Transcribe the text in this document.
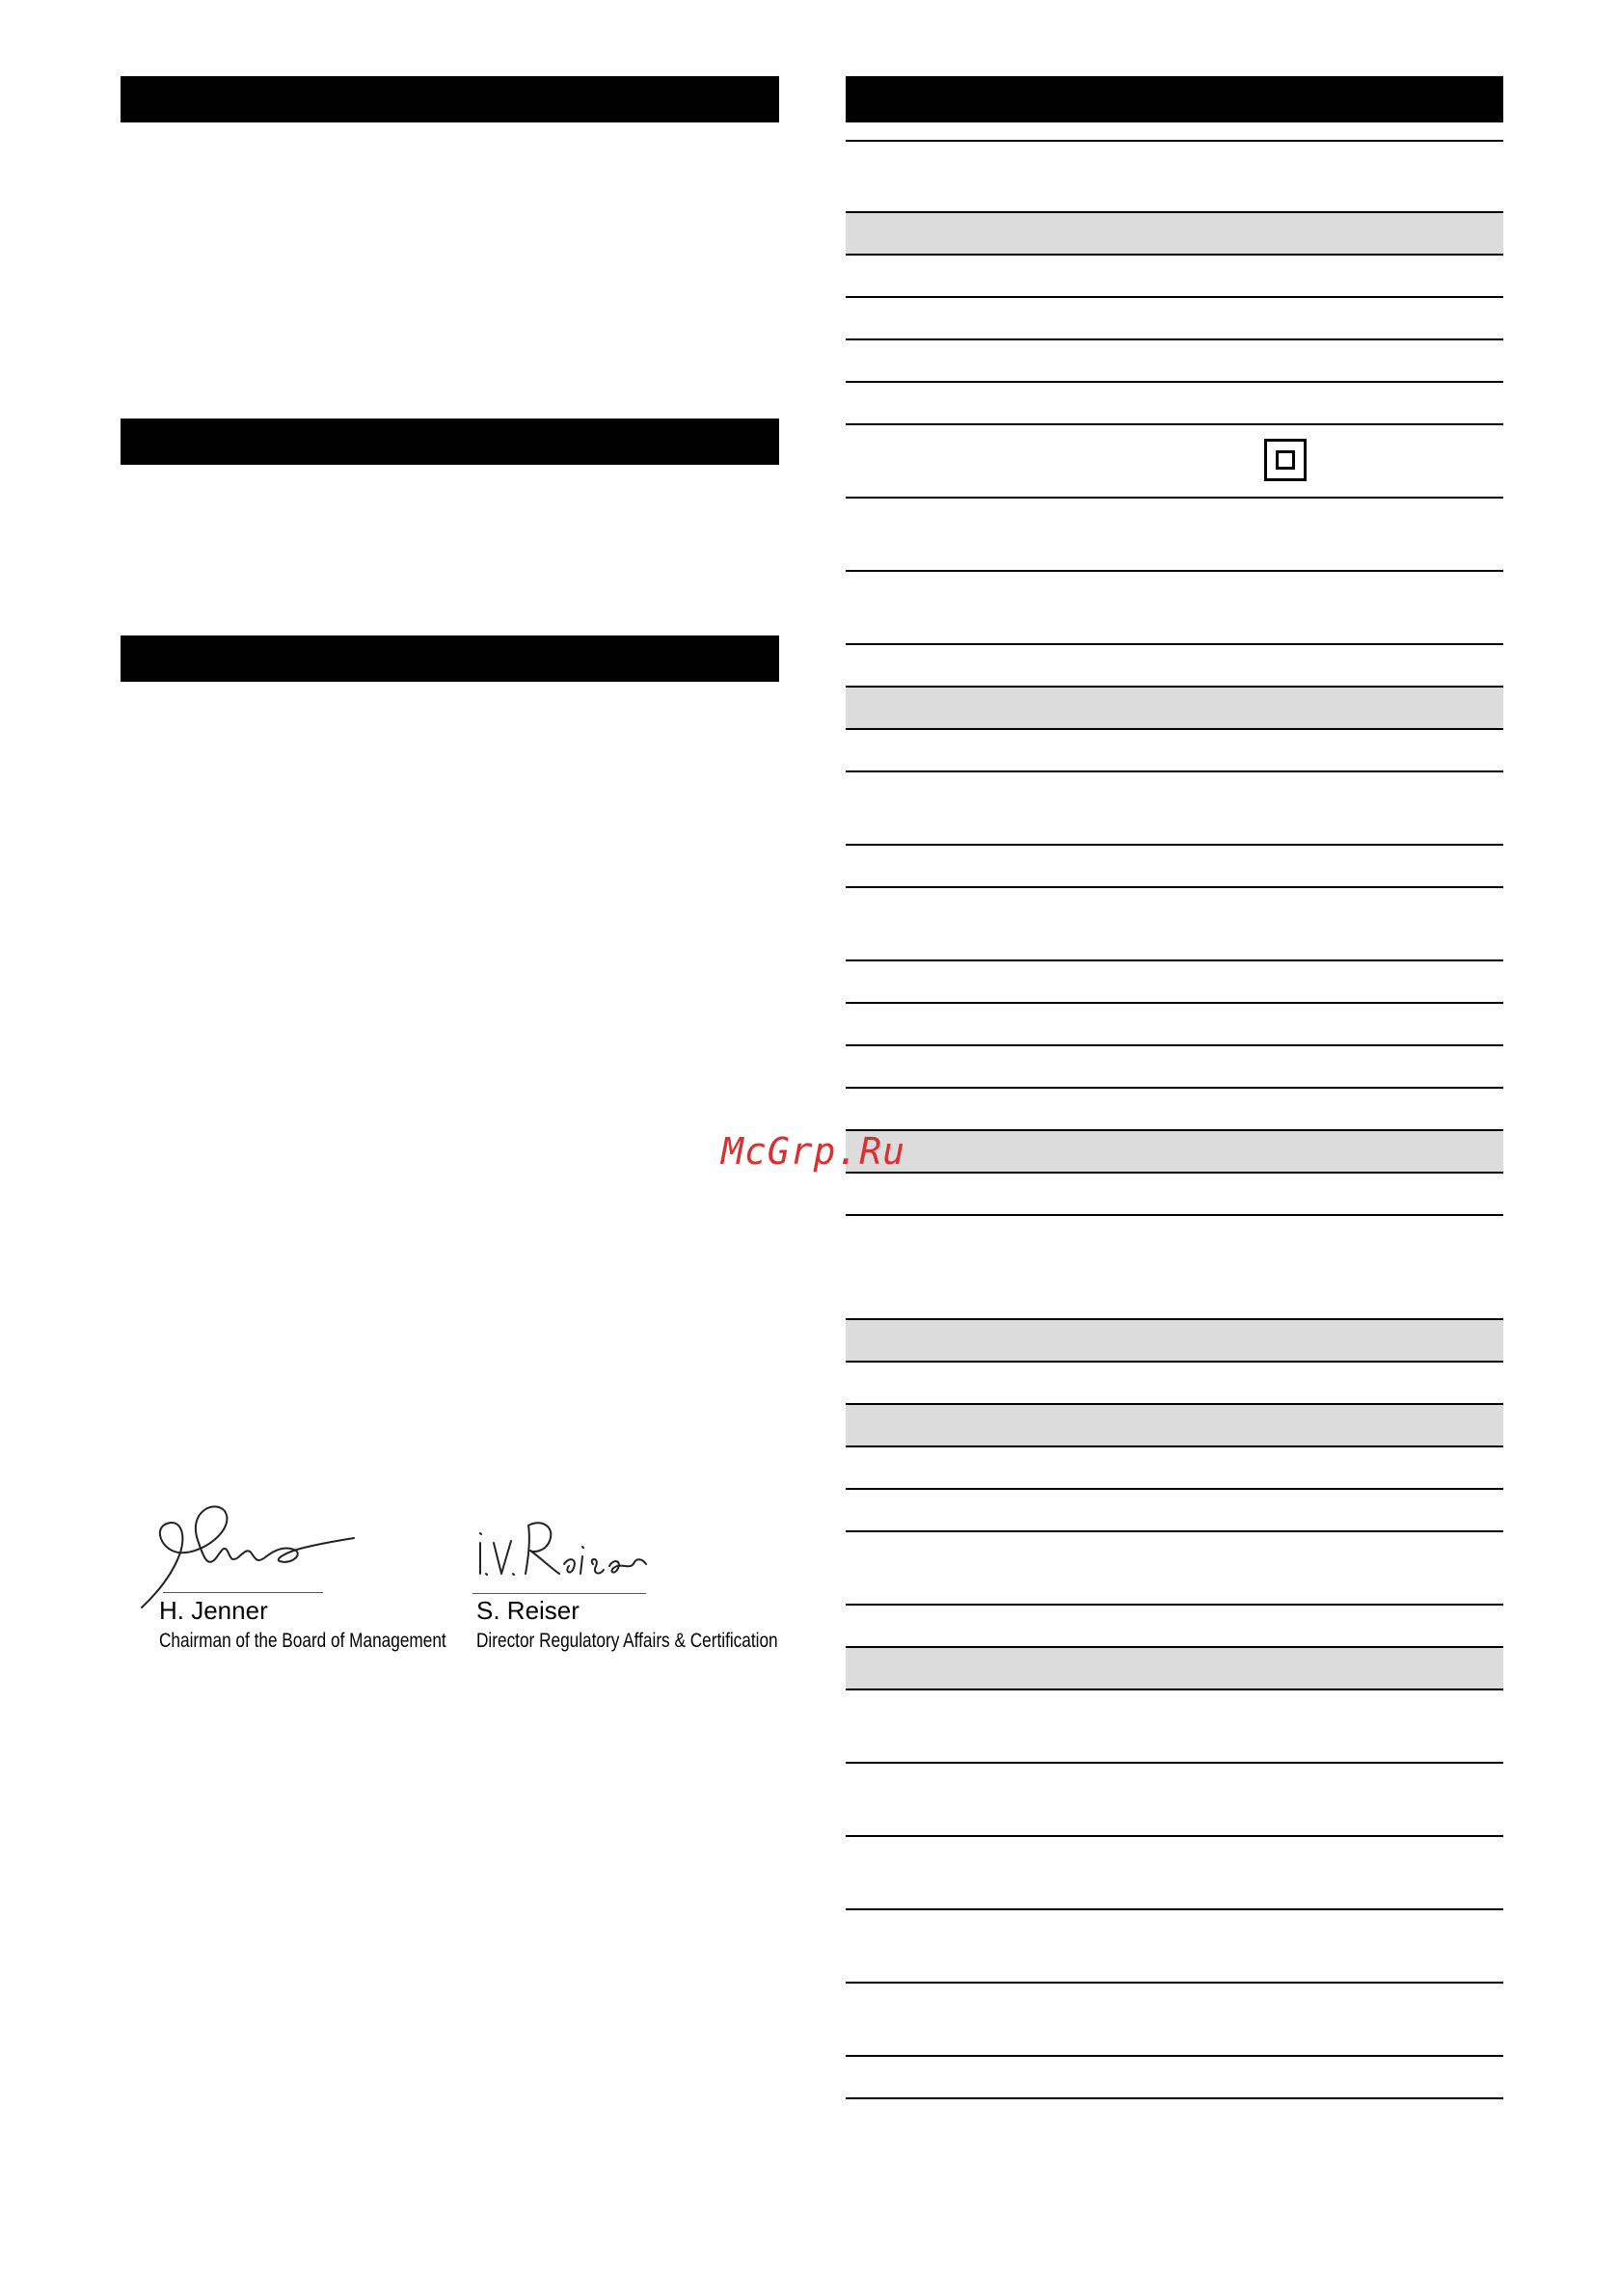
H. Jenner
Chairman of the Board of Management
S. Reiser
Director Regulatory Affairs & Certification
McGrp.Ru
